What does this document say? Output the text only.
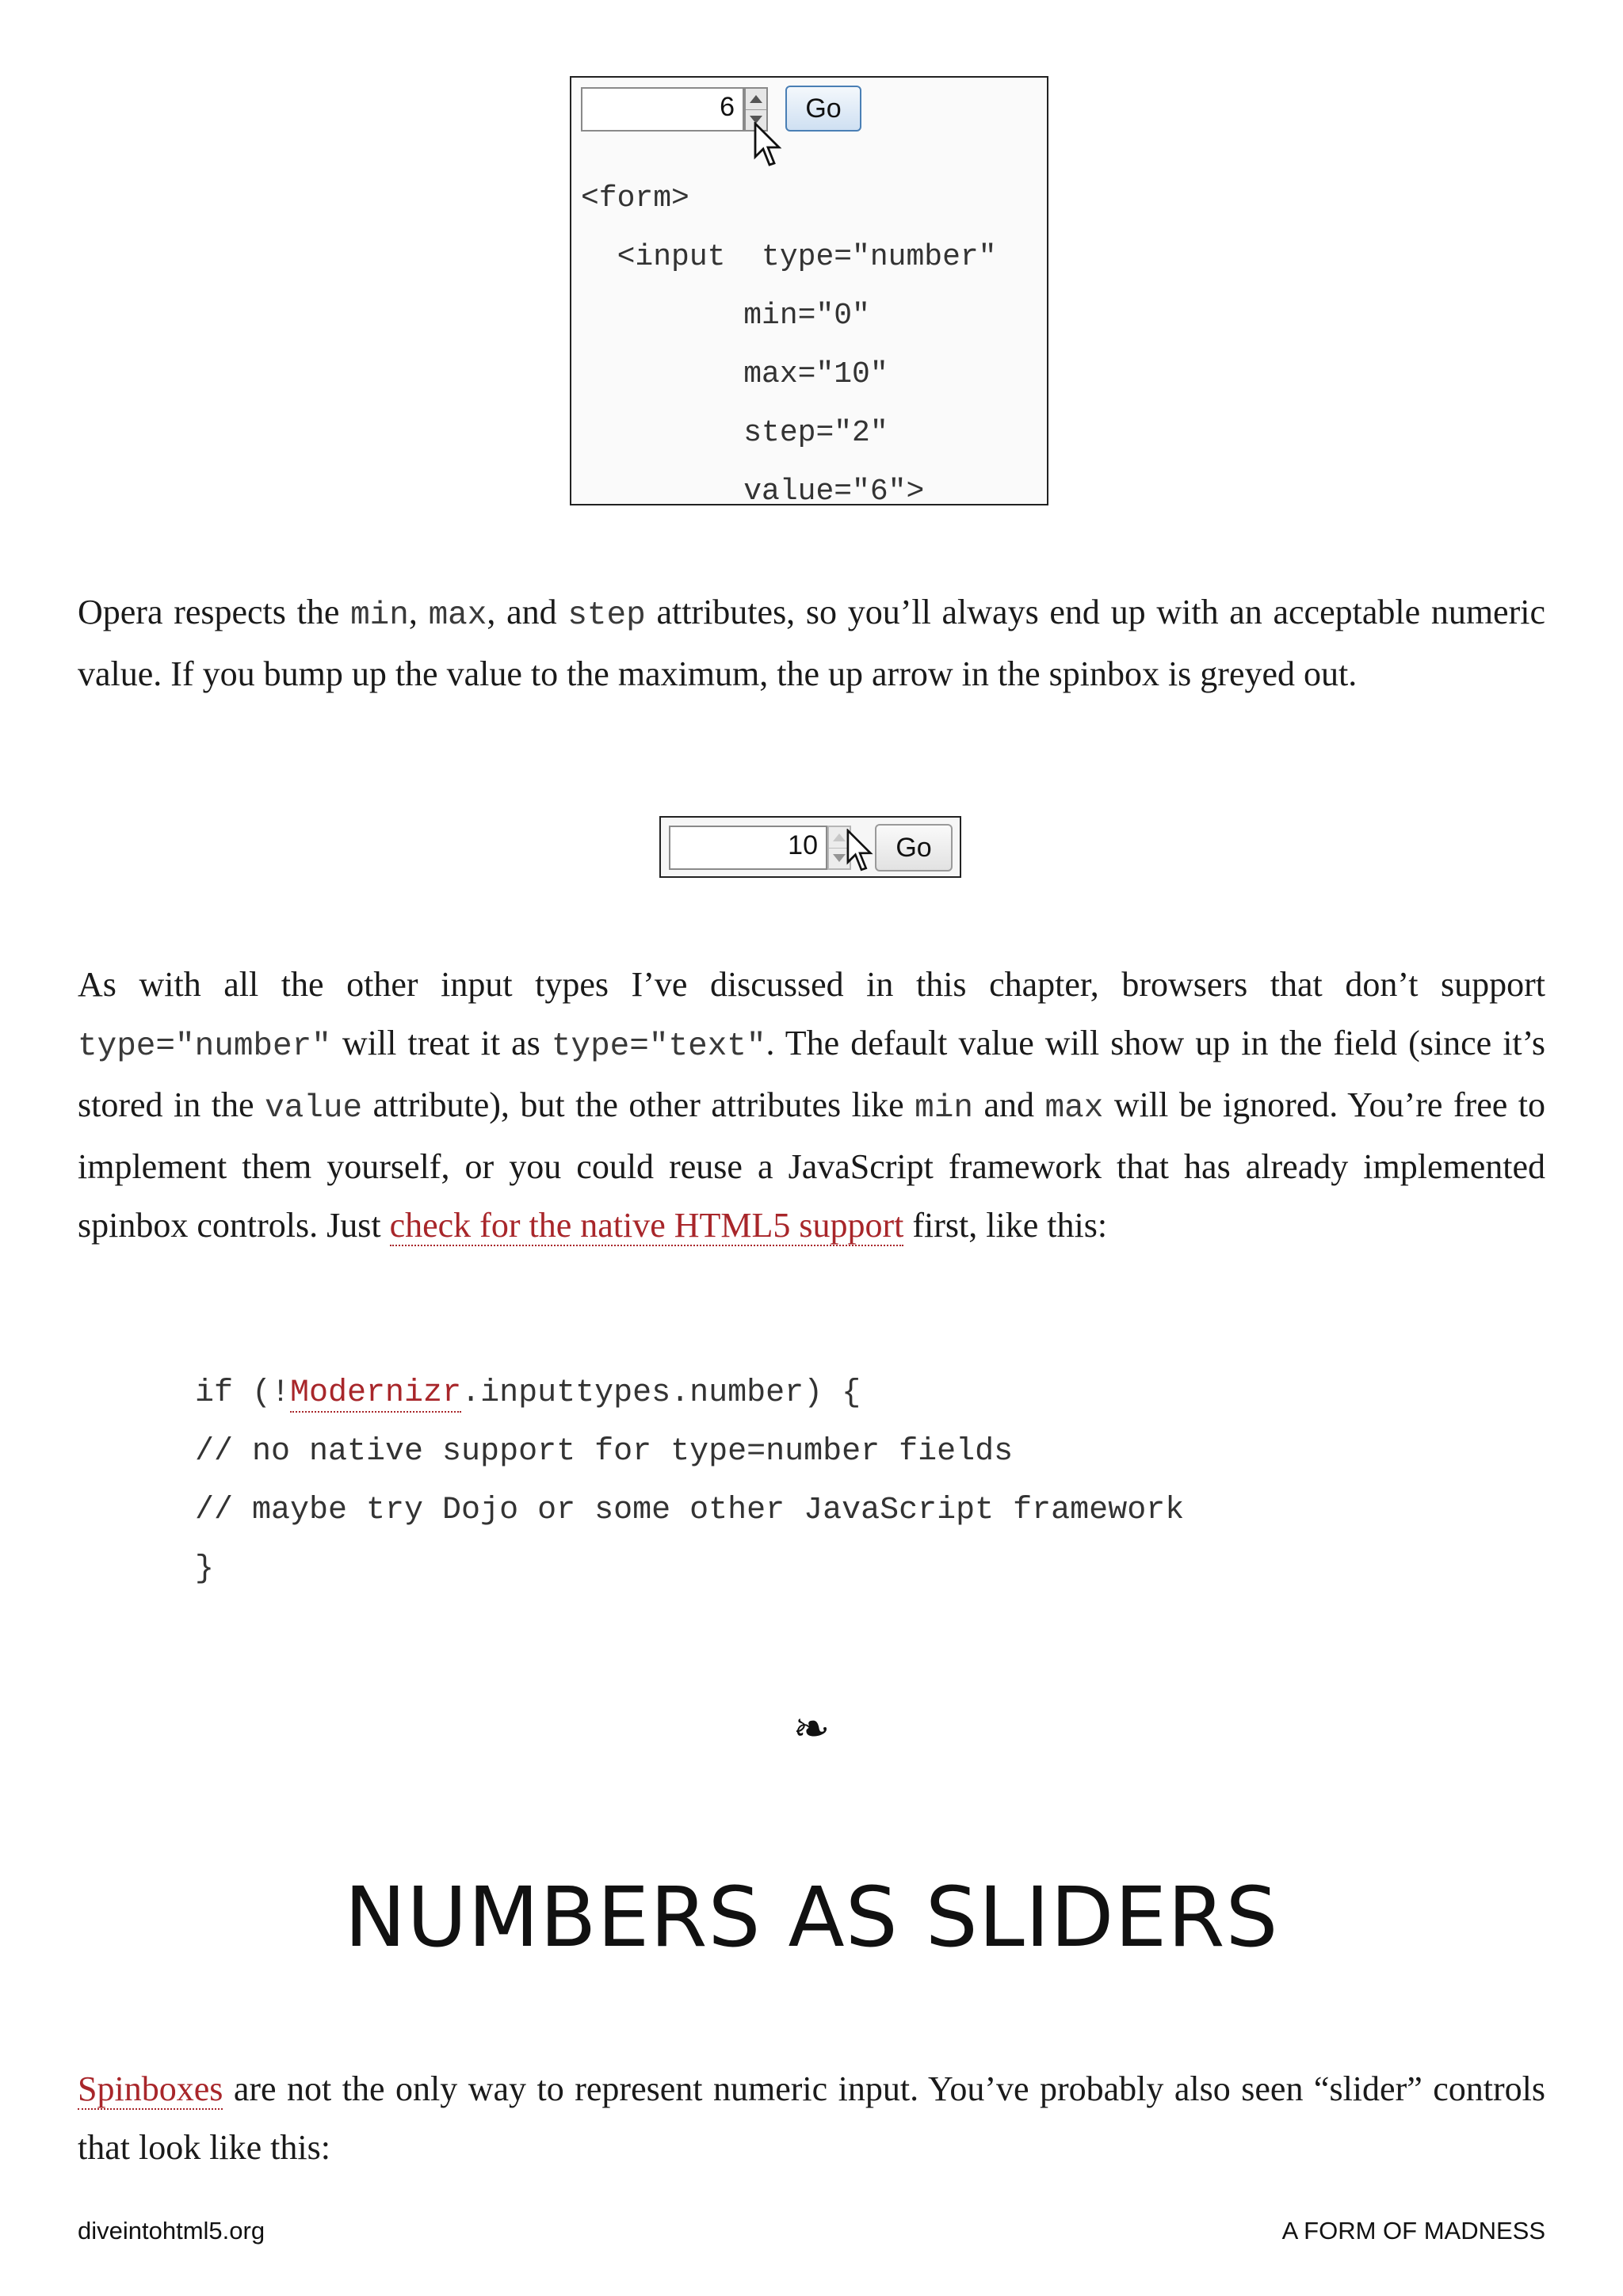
6	Go
<form>
<input  type="number"
min="0"
max="10"
step="2"
value="6">

Opera respects the min, max, and step attributes, so you’ll always end up with an acceptable numeric value. If you bump up the value to the maximum, the up arrow in the spinbox is greyed out.

10	Go

As with all the other input types I’ve discussed in this chapter, browsers that don’t support type="number" will treat it as type="text". The default value will show up in the field (since it’s stored in the value attribute), but the other attributes like min and max will be ignored. You’re free to implement them yourself, or you could reuse a JavaScript framework that has already implemented spinbox controls. Just check for the native HTML5 support first, like this:

if (!Modernizr.inputtypes.number) {
// no native support for type=number fields
// maybe try Dojo or some other JavaScript framework
}
❧
NUMBERS AS SLIDERS

Spinboxes are not the only way to represent numeric input. You’ve probably also seen “slider” controls that look like this:

diveintohtml5.org	A FORM OF MADNESS
